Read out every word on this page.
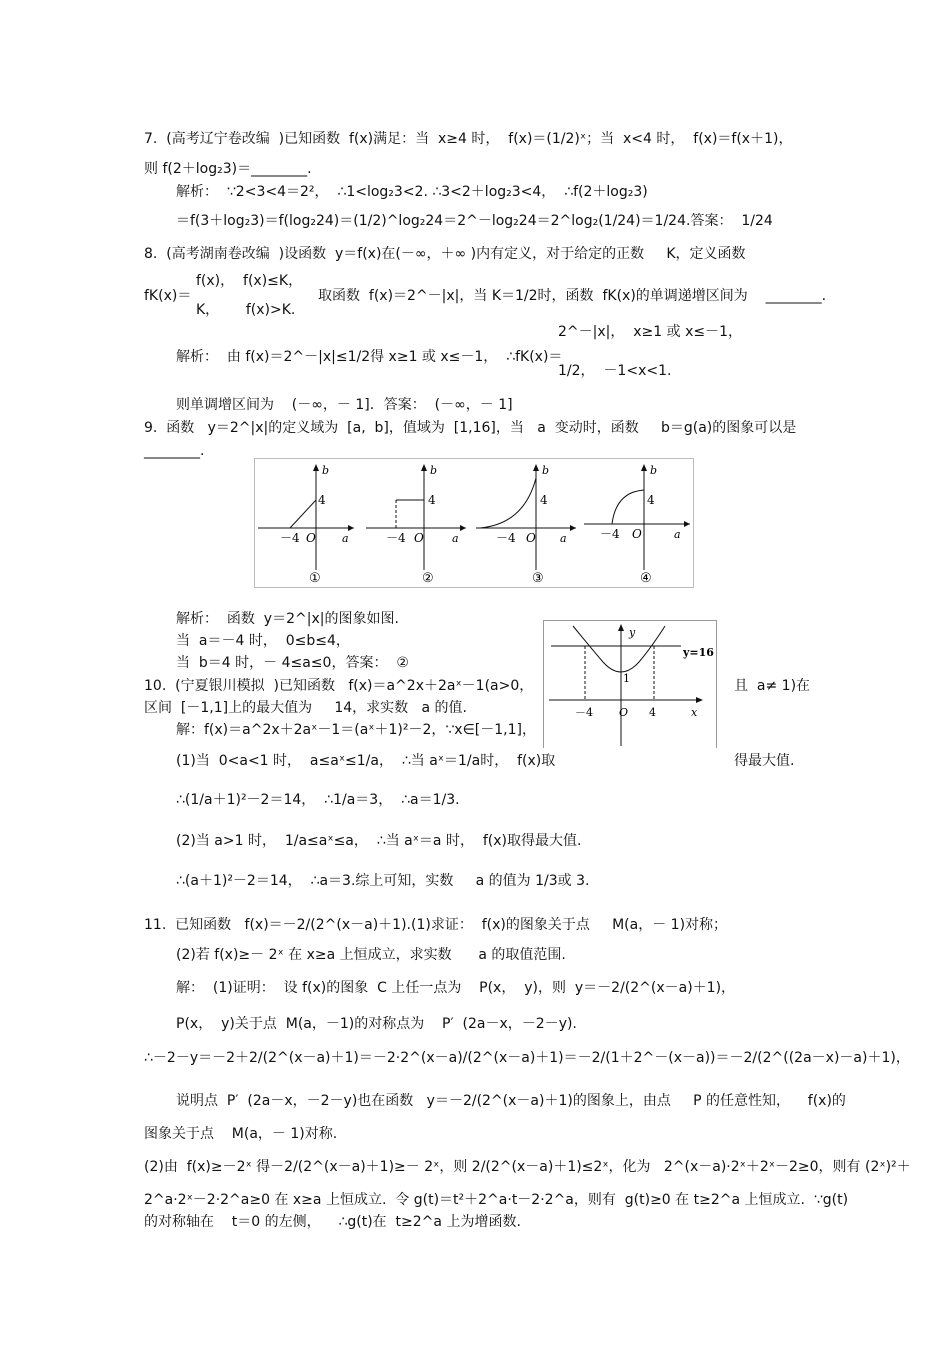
7.  (高考辽宁卷改编  )已知函数  f(x)满足：当  x≥4 时，  f(x)＝(1/2)ˣ；当  x<4 时，  f(x)＝f(x＋1)，
则 f(2＋log₂3)＝________.
解析：  ∵2<3<4＝2²，  ∴1<log₂3<2. ∴3<2＋log₂3<4，  ∴f(2＋log₂3)
＝f(3＋log₂3)＝f(log₂24)＝(1/2)^log₂24＝2^－log₂24＝2^log₂(1/24)＝1/24.答案：  1/24
8.  (高考湖南卷改编  )设函数  y＝f(x)在(－∞，＋∞ )内有定义，对于给定的正数     K，定义函数
f(x)，  f(x)≤K，
fK(x)＝
K，      f(x)>K.
取函数  f(x)＝2^－|x|，当 K＝1/2时，函数  fK(x)的单调递增区间为    ________.
2^－|x|，  x≥1 或 x≤－1，
解析：  由 f(x)＝2^－|x|≤1/2得 x≥1 或 x≤－1，  ∴fK(x)＝
1/2，  －1<x<1.
则单调增区间为    (－∞，－ 1]．答案：  (－∞，－ 1]
9.  函数   y＝2^|x|的定义域为  [a,  b]，值域为  [1,16]，当   a  变动时，函数     b＝g(a)的图象可以是
________.
b
4
－4 O a
①
b
4
－4 O	a
②
b
4
－4 O a
③
b
4
－4 O	a
④
解析：  函数  y＝2^|x|的图象如图.
当  a＝－4 时，  0≤b≤4，
当  b＝4 时，－ 4≤a≤0，答案：  ②
y
y=16
1
－4 O 4	x
10.  (宁夏银川模拟  )已知函数   f(x)＝a^2x＋2aˣ－1(a>0，	且  a≠ 1)在
区间  [－1,1]上的最大值为     14，求实数   a 的值.
解：f(x)＝a^2x＋2aˣ－1＝(aˣ＋1)²－2，∵x∈[－1,1]，
(1)当  0<a<1 时，  a≤aˣ≤1/a，  ∴当 aˣ＝1/a时，  f(x)取	得最大值.
∴(1/a＋1)²－2＝14，  ∴1/a＝3，  ∴a＝1/3.
(2)当 a>1 时，  1/a≤aˣ≤a，  ∴当 aˣ＝a 时，  f(x)取得最大值.
∴(a＋1)²－2＝14，  ∴a＝3.综上可知，实数     a 的值为 1/3或 3.
11.  已知函数   f(x)＝－2/(2^(x－a)＋1).(1)求证：  f(x)的图象关于点     M(a，－ 1)对称；
(2)若 f(x)≥－ 2ˣ 在 x≥a 上恒成立，求实数      a 的取值范围.
解：  (1)证明：  设 f(x)的图象  C 上任一点为    P(x，  y)，则  y＝－2/(2^(x－a)＋1)，
P(x，  y)关于点  M(a，－1)的对称点为    P′  (2a－x，－2－y).
∴－2－y＝－2＋2/(2^(x－a)＋1)＝－2·2^(x－a)/(2^(x－a)＋1)＝－2/(1＋2^－(x－a))＝－2/(2^((2a－x)－a)＋1)，
说明点  P′  (2a－x，－2－y)也在函数   y＝－2/(2^(x－a)＋1)的图象上，由点     P 的任意性知，    f(x)的
图象关于点    M(a，－ 1)对称.
(2)由  f(x)≥－2ˣ 得－2/(2^(x－a)＋1)≥－ 2ˣ，则 2/(2^(x－a)＋1)≤2ˣ，化为   2^(x－a)·2ˣ＋2ˣ－2≥0，则有 (2ˣ)²＋
2^a·2ˣ－2·2^a≥0 在 x≥a 上恒成立.  令 g(t)＝t²＋2^a·t－2·2^a，则有  g(t)≥0 在 t≥2^a 上恒成立.  ∵g(t)
的对称轴在    t＝0 的左侧，    ∴g(t)在  t≥2^a 上为增函数.
